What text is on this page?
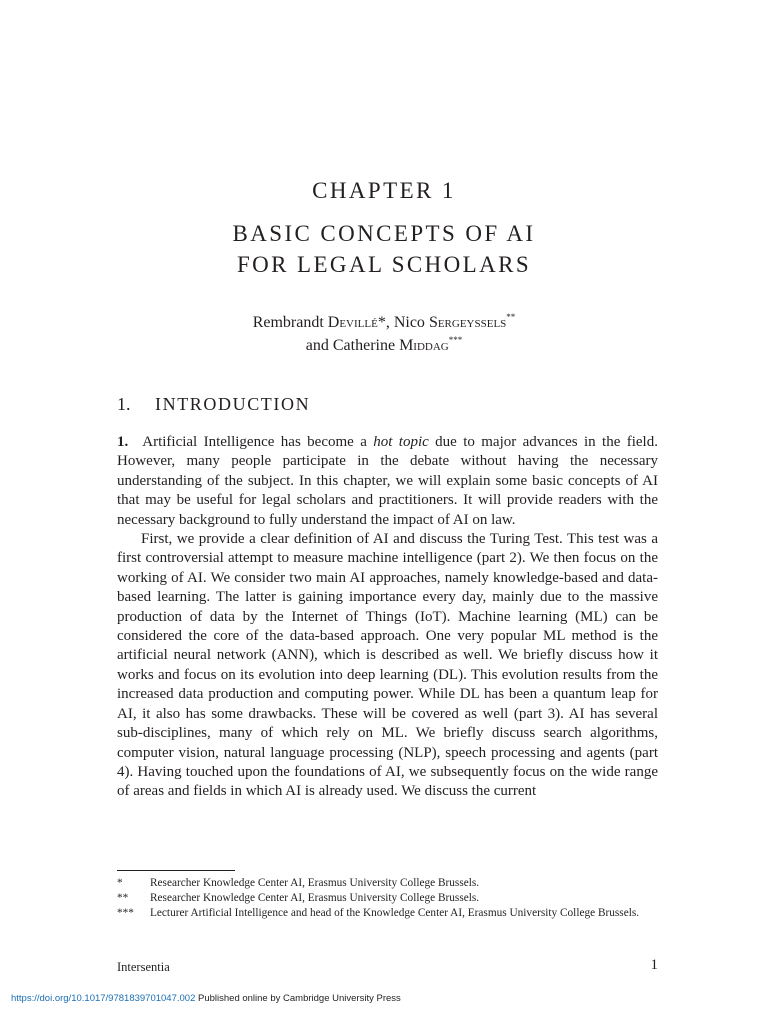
CHAPTER 1
BASIC CONCEPTS OF AI
FOR LEGAL SCHOLARS
Rembrandt Devillé*, Nico Sergeyssels**
and Catherine Middag***
1. INTRODUCTION

1. Artificial Intelligence has become a hot topic due to major advances in the field. However, many people participate in the debate without having the necessary understanding of the subject. In this chapter, we will explain some basic concepts of AI that may be useful for legal scholars and practitioners. It will provide readers with the necessary background to fully understand the impact of AI on law.

First, we provide a clear definition of AI and discuss the Turing Test. This test was a first controversial attempt to measure machine intelligence (part 2). We then focus on the working of AI. We consider two main AI approaches, namely knowledge-based and data-based learning. The latter is gaining importance every day, mainly due to the massive production of data by the Internet of Things (IoT). Machine learning (ML) can be considered the core of the data-based approach. One very popular ML method is the artificial neural network (ANN), which is described as well. We briefly discuss how it works and focus on its evolution into deep learning (DL). This evolution results from the increased data production and computing power. While DL has been a quantum leap for AI, it also has some drawbacks. These will be covered as well (part 3). AI has several sub-disciplines, many of which rely on ML. We briefly discuss search algorithms, computer vision, natural language processing (NLP), speech processing and agents (part 4). Having touched upon the foundations of AI, we subsequently focus on the wide range of areas and fields in which AI is already used. We discuss the current

*	Researcher Knowledge Center AI, Erasmus University College Brussels.
**	Researcher Knowledge Center AI, Erasmus University College Brussels.
***	Lecturer Artificial Intelligence and head of the Knowledge Center AI, Erasmus University College Brussels.
Intersentia	1
https://doi.org/10.1017/9781839701047.002 Published online by Cambridge University Press
